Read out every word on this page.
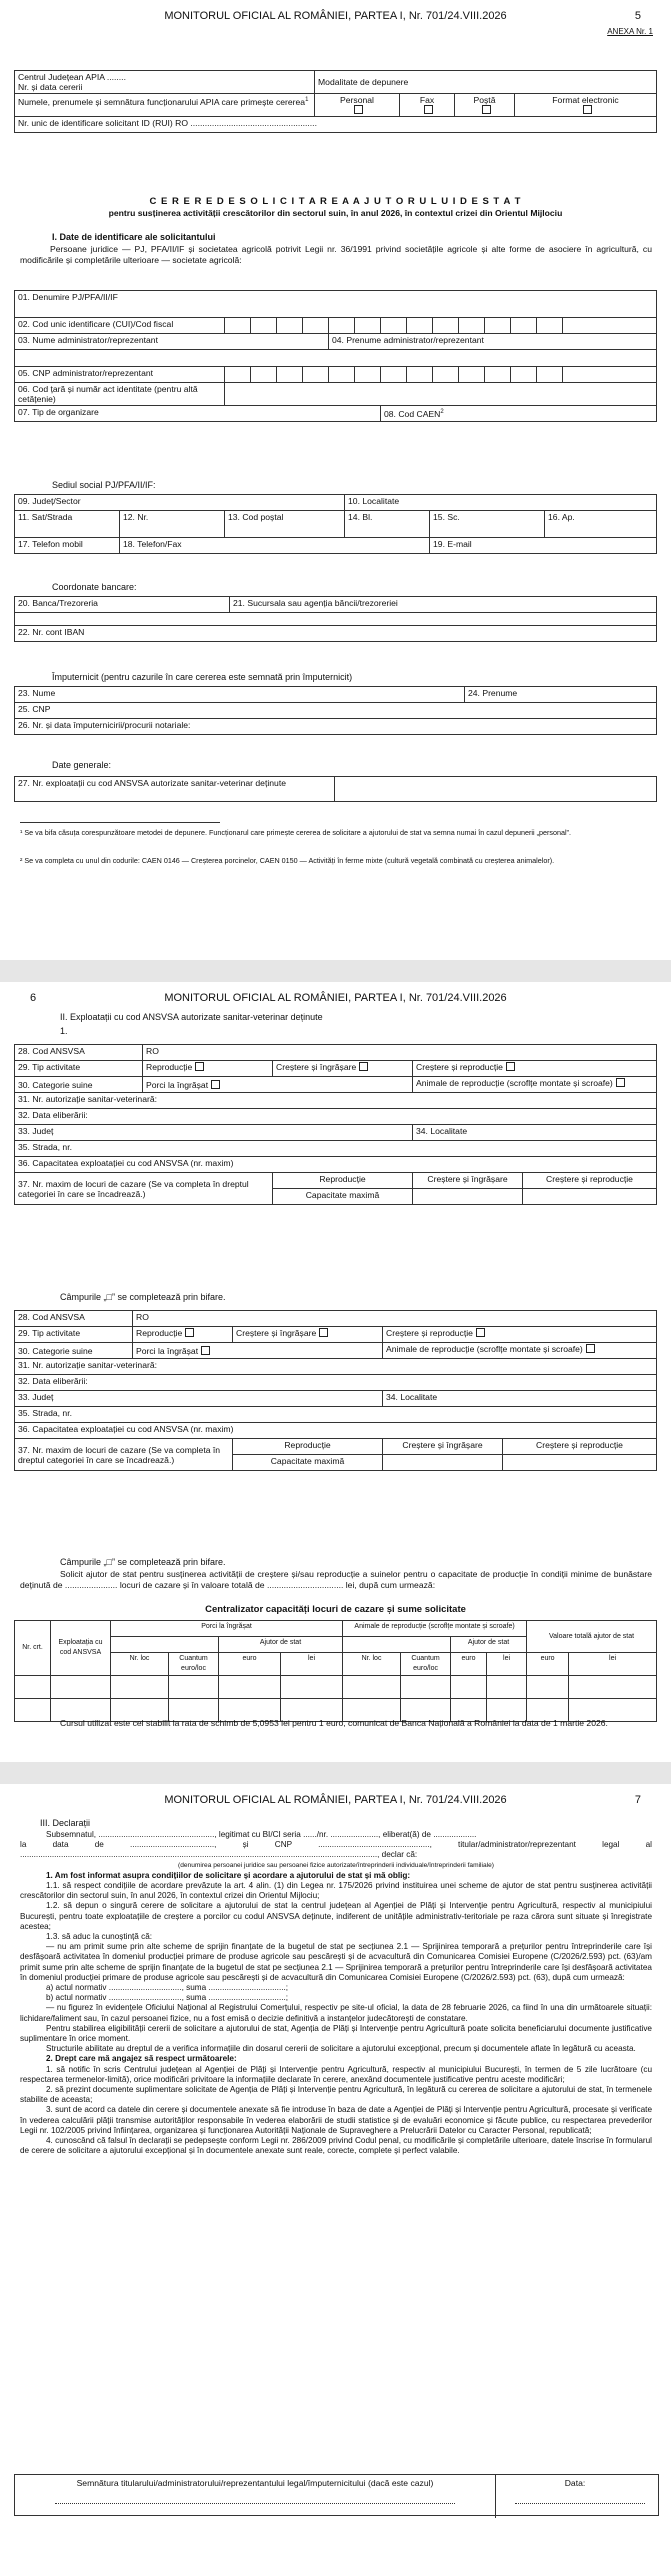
MONITORUL OFICIAL AL ROMÂNIEI, PARTEA I, Nr. 701/24.VIII.2026	5
ANEXA Nr. 1
Centrul Județean APIA ........
Nr. și data cererii	Modalitate de depunere			
Numele, prenumele și semnătura funcționarului APIA care primește cererea$^1$	Personal	Fax	Poștă	Format electronic

Nr. unic de identificare solicitant ID (RUI) RO .....................................................				
C E R E R E D E S O L I C I T A R E A A J U T O R U L U I D E S T A T
pentru susținerea activității crescătorilor din sectorul suin, în anul 2026, în contextul crizei din Orientul Mijlociu
I. Date de identificare ale solicitantului
Persoane juridice — PJ, PFA/II/IF și societatea agricolă potrivit Legii nr. 36/1991 privind societățile agricole și alte forme de asociere în agricultură, cu modificările și completările ulterioare — societate agricolă:
01. Denumire PJ/PFA/II/IF														
02. Cod unic identificare (CUI)/Cod fiscal														
03. Nume administrator/reprezentant					04. Prenume administrator/reprezentant									

05. CNP administrator/reprezentant														
06. Cod țară și număr act identitate (pentru altă cetățenie)														
07. Tip de organizare							08. Cod CAEN$^2$
Sediul social PJ/PFA/II/IF:
09. Județ/Sector			10. Localitate		
11. Sat/Strada	12. Nr.	13. Cod poștal	14. Bl.	15. Sc.	16. Ap.
17. Telefon mobil	18. Telefon/Fax			19. E-mail	
Coordonate bancare:
20. Banca/Trezoreria	21. Sucursala sau agenția băncii/trezoreriei

22. Nr. cont IBAN
Împuternicit (pentru cazurile în care cererea este semnată prin împuternicit)
23. Nume	24. Prenume
25. CNP
26. Nr. și data împuternicirii/procurii notariale:
Date generale:
27. Nr. exploatații cu cod ANSVSA autorizate sanitar-veterinar deținute	
¹ Se va bifa căsuța corespunzătoare metodei de depunere. Funcționarul care primește cererea de solicitare a ajutorului de stat va semna numai în cazul depunerii „personal”.
² Se va completa cu unul din codurile: CAEN 0146 — Creșterea porcinelor, CAEN 0150 — Activități în ferme mixte (cultură vegetală combinată cu creșterea animalelor).
6	MONITORUL OFICIAL AL ROMÂNIEI, PARTEA I, Nr. 701/24.VIII.2026
II. Exploatații cu cod ANSVSA autorizate sanitar-veterinar deținute
1.
28. Cod ANSVSA	RO			
29. Tip activitate	Reproducție	Creștere și îngrășare	Creștere și reproducție	
30. Categorie suine	Porci la îngrășat		Animale de reproducție (scroflțe montate și scroafe)	
31. Nr. autorizație sanitar-veterinară:				
32. Data eliberării:				
33. Județ			34. Localitate	
35. Strada, nr.				
36. Capacitatea exploatației cu cod ANSVSA (nr. maxim)				
37. Nr. maxim de locuri de cazare (Se va completa în dreptul categoriei în care se încadrează.)		Reproducție	Creștere și îngrășare	Creștere și reproducție
		Capacitate maximă		
Câmpurile „□” se completează prin bifare.
28. Cod ANSVSA	RO			
29. Tip activitate	Reproducție	Creștere și îngrășare	Creștere și reproducție	
30. Categorie suine	Porci la îngrășat		Animale de reproducție (scroflțe montate și scroafe)	
31. Nr. autorizație sanitar-veterinară:				
32. Data eliberării:				
33. Județ			34. Localitate	
35. Strada, nr.				
36. Capacitatea exploatației cu cod ANSVSA (nr. maxim)				
37. Nr. maxim de locuri de cazare (Se va completa în dreptul categoriei în care se încadrează.)		Reproducție	Creștere și îngrășare	Creștere și reproducție
		Capacitate maximă		
Câmpurile „□” se completează prin bifare.
Solicit ajutor de stat pentru susținerea activității de creștere și/sau reproducție a suinelor pentru o capacitate de producție în condiții minime de bunăstare deținută de ...................... locuri de cazare și în valoare totală de ................................ lei, după cum urmează:
Centralizator capacități locuri de cazare și sume solicitate
Nr. crt.	Exploatația cu cod ANSVSA	Porci la îngrășat				Animale de reproducție (scroflțe montate și scroafe)				Valoare totală ajutor de stat	
				Ajutor de stat				Ajutor de stat			
		Nr. loc	Cuantum euro/loc	euro	lei	Nr. loc	Cuantum euro/loc	euro	lei	euro	lei

Cursul utilizat este cel stabilit la rata de schimb de 5,0953 lei pentru 1 euro, comunicat de Banca Națională a României la data de 1 martie 2026.
MONITORUL OFICIAL AL ROMÂNIEI, PARTEA I, Nr. 701/24.VIII.2026	7
III. Declarații
Subsemnatul, ..................................................., legitimat cu BI/CI seria ....../nr. ....................., eliberat(ă) de ...................
la data de ....................................., și CNP ................................................., titular/administrator/reprezentant legal al ............................................................................................................................................................., declar că:
(denumirea persoanei juridice sau persoanei fizice autorizate/întreprinderii individuale/întreprinderii familiale)
1. Am fost informat asupra condițiilor de solicitare și acordare a ajutorului de stat și mă oblig:
1.1. să respect condițiile de acordare prevăzute la art. 4 alin. (1) din Legea nr. 175/2026 privind instituirea unei scheme de ajutor de stat pentru susținerea activității crescătorilor din sectorul suin, în anul 2026, în contextul crizei din Orientul Mijlociu;
1.2. să depun o singură cerere de solicitare a ajutorului de stat la centrul județean al Agenției de Plăți și Intervenție pentru Agricultură, respectiv al municipiului București, pentru toate exploatațiile de creștere a porcilor cu codul ANSVSA deținute, indiferent de unitățile administrativ-teritoriale pe raza cărora sunt situate și înregistrate acestea;
1.3. să aduc la cunoștință că:
— nu am primit sume prin alte scheme de sprijin finanțate de la bugetul de stat pe secțiunea 2.1 — Sprijinirea temporară a prețurilor pentru întreprinderile care își desfășoară activitatea în domeniul producției primare de produse agricole sau pescărești și de acvacultură din Comunicarea Comisiei Europene (C/2026/2.593) pct. (63)/am primit sume prin alte scheme de sprijin finanțate de la bugetul de stat pe secțiunea 2.1 — Sprijinirea temporară a prețurilor pentru întreprinderile care își desfășoară activitatea în domeniul producției primare de produse agricole sau pescărești și de acvacultură din Comunicarea Comisiei Europene (C/2026/2.593) pct. (63), după cum urmează:
a) actul normativ ................................, suma ..................................;
b) actul normativ ................................, suma ..................................;
— nu figurez în evidențele Oficiului Național al Registrului Comerțului, respectiv pe site-ul oficial, la data de 28 februarie 2026, ca fiind în una din următoarele situații: lichidare/faliment sau, în cazul persoanei fizice, nu a fost emisă o decizie definitivă a instanțelor judecătorești de constatare.
Pentru stabilirea eligibilității cererii de solicitare a ajutorului de stat, Agenția de Plăți și Intervenție pentru Agricultură poate solicita beneficiarului documente justificative suplimentare în orice moment.
Structurile abilitate au dreptul de a verifica informațiile din dosarul cererii de solicitare a ajutorului excepțional, precum și documentele aflate în legătură cu aceasta.
2. Drept care mă angajez să respect următoarele:
1. să notific în scris Centrului județean al Agenției de Plăți și Intervenție pentru Agricultură, respectiv al municipiului București, în termen de 5 zile lucrătoare (cu respectarea termenelor-limită), orice modificări privitoare la informațiile declarate în cerere, anexând documentele justificative pentru aceste modificări;
2. să prezint documente suplimentare solicitate de Agenția de Plăți și Intervenție pentru Agricultură, în legătură cu cererea de solicitare a ajutorului de stat, în termenele stabilite de aceasta;
3. sunt de acord ca datele din cerere și documentele anexate să fie introduse în baza de date a Agenției de Plăți și Intervenție pentru Agricultură, procesate și verificate în vederea calculării plății transmise autorităților responsabile în vederea elaborării de studii statistice și de evaluări economice și făcute publice, cu respectarea prevederilor Legii nr. 102/2005 privind înființarea, organizarea și funcționarea Autorității Naționale de Supraveghere a Prelucrării Datelor cu Caracter Personal, republicată;
4. cunoscând că falsul în declarații se pedepsește conform Legii nr. 286/2009 privind Codul penal, cu modificările și completările ulterioare, datele înscrise în formularul de cerere de solicitare a ajutorului excepțional și în documentele anexate sunt reale, corecte, complete și perfect valabile.
Semnătura titularului/administratorului/reprezentantului legal/împuternicitului (dacă este cazul)	Data:
